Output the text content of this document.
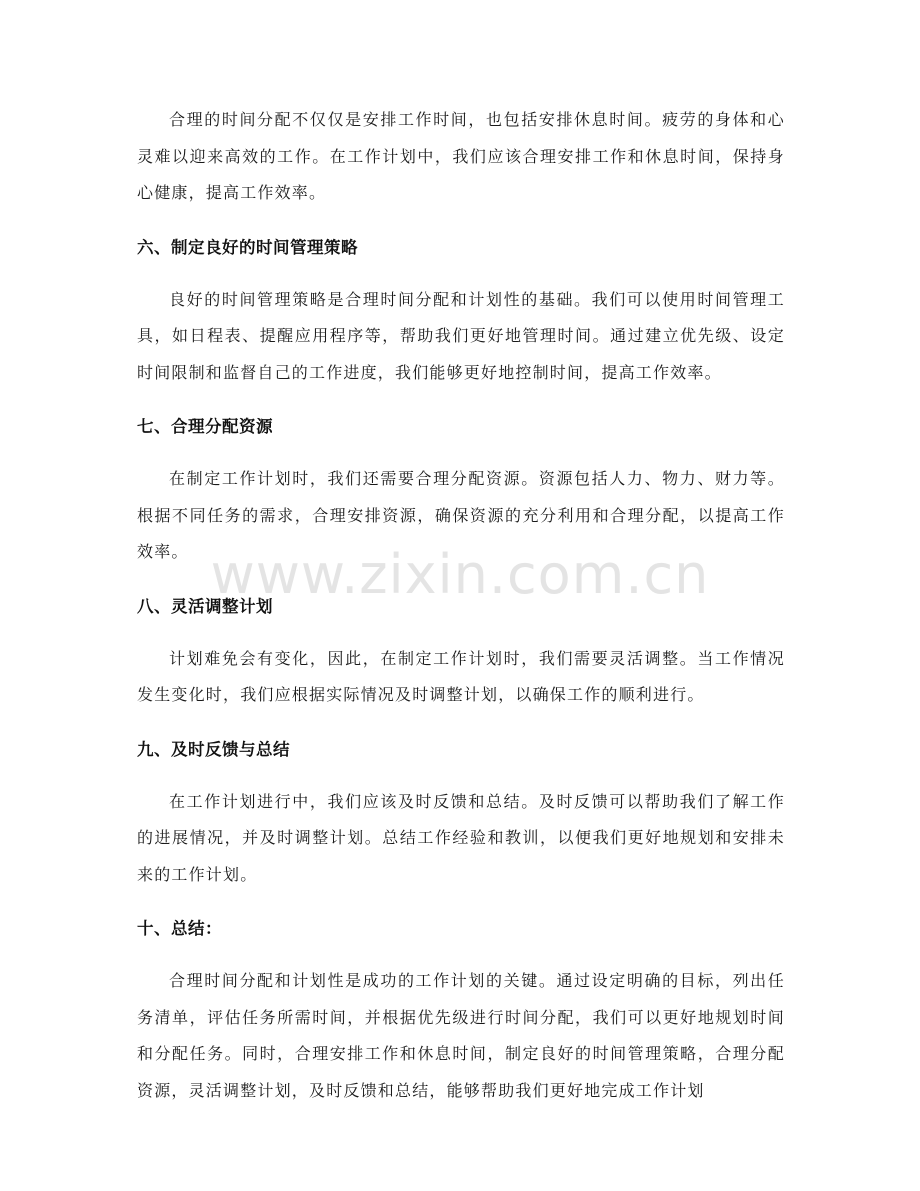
合理的时间分配不仅仅是安排工作时间，也包括安排休息时间。疲劳的身体和心灵难以迎来高效的工作。在工作计划中，我们应该合理安排工作和休息时间，保持身心健康，提高工作效率。

六、制定良好的时间管理策略

良好的时间管理策略是合理时间分配和计划性的基础。我们可以使用时间管理工具，如日程表、提醒应用程序等，帮助我们更好地管理时间。通过建立优先级、设定时间限制和监督自己的工作进度，我们能够更好地控制时间，提高工作效率。

七、合理分配资源

在制定工作计划时，我们还需要合理分配资源。资源包括人力、物力、财力等。根据不同任务的需求，合理安排资源，确保资源的充分利用和合理分配，以提高工作效率。

八、灵活调整计划

计划难免会有变化，因此，在制定工作计划时，我们需要灵活调整。当工作情况发生变化时，我们应根据实际情况及时调整计划，以确保工作的顺利进行。

九、及时反馈与总结

在工作计划进行中，我们应该及时反馈和总结。及时反馈可以帮助我们了解工作的进展情况，并及时调整计划。总结工作经验和教训，以便我们更好地规划和安排未来的工作计划。

十、总结：

合理时间分配和计划性是成功的工作计划的关键。通过设定明确的目标，列出任务清单，评估任务所需时间，并根据优先级进行时间分配，我们可以更好地规划时间和分配任务。同时，合理安排工作和休息时间，制定良好的时间管理策略，合理分配资源，灵活调整计划，及时反馈和总结，能够帮助我们更好地完成工作计划

www.zixin.com.cn
